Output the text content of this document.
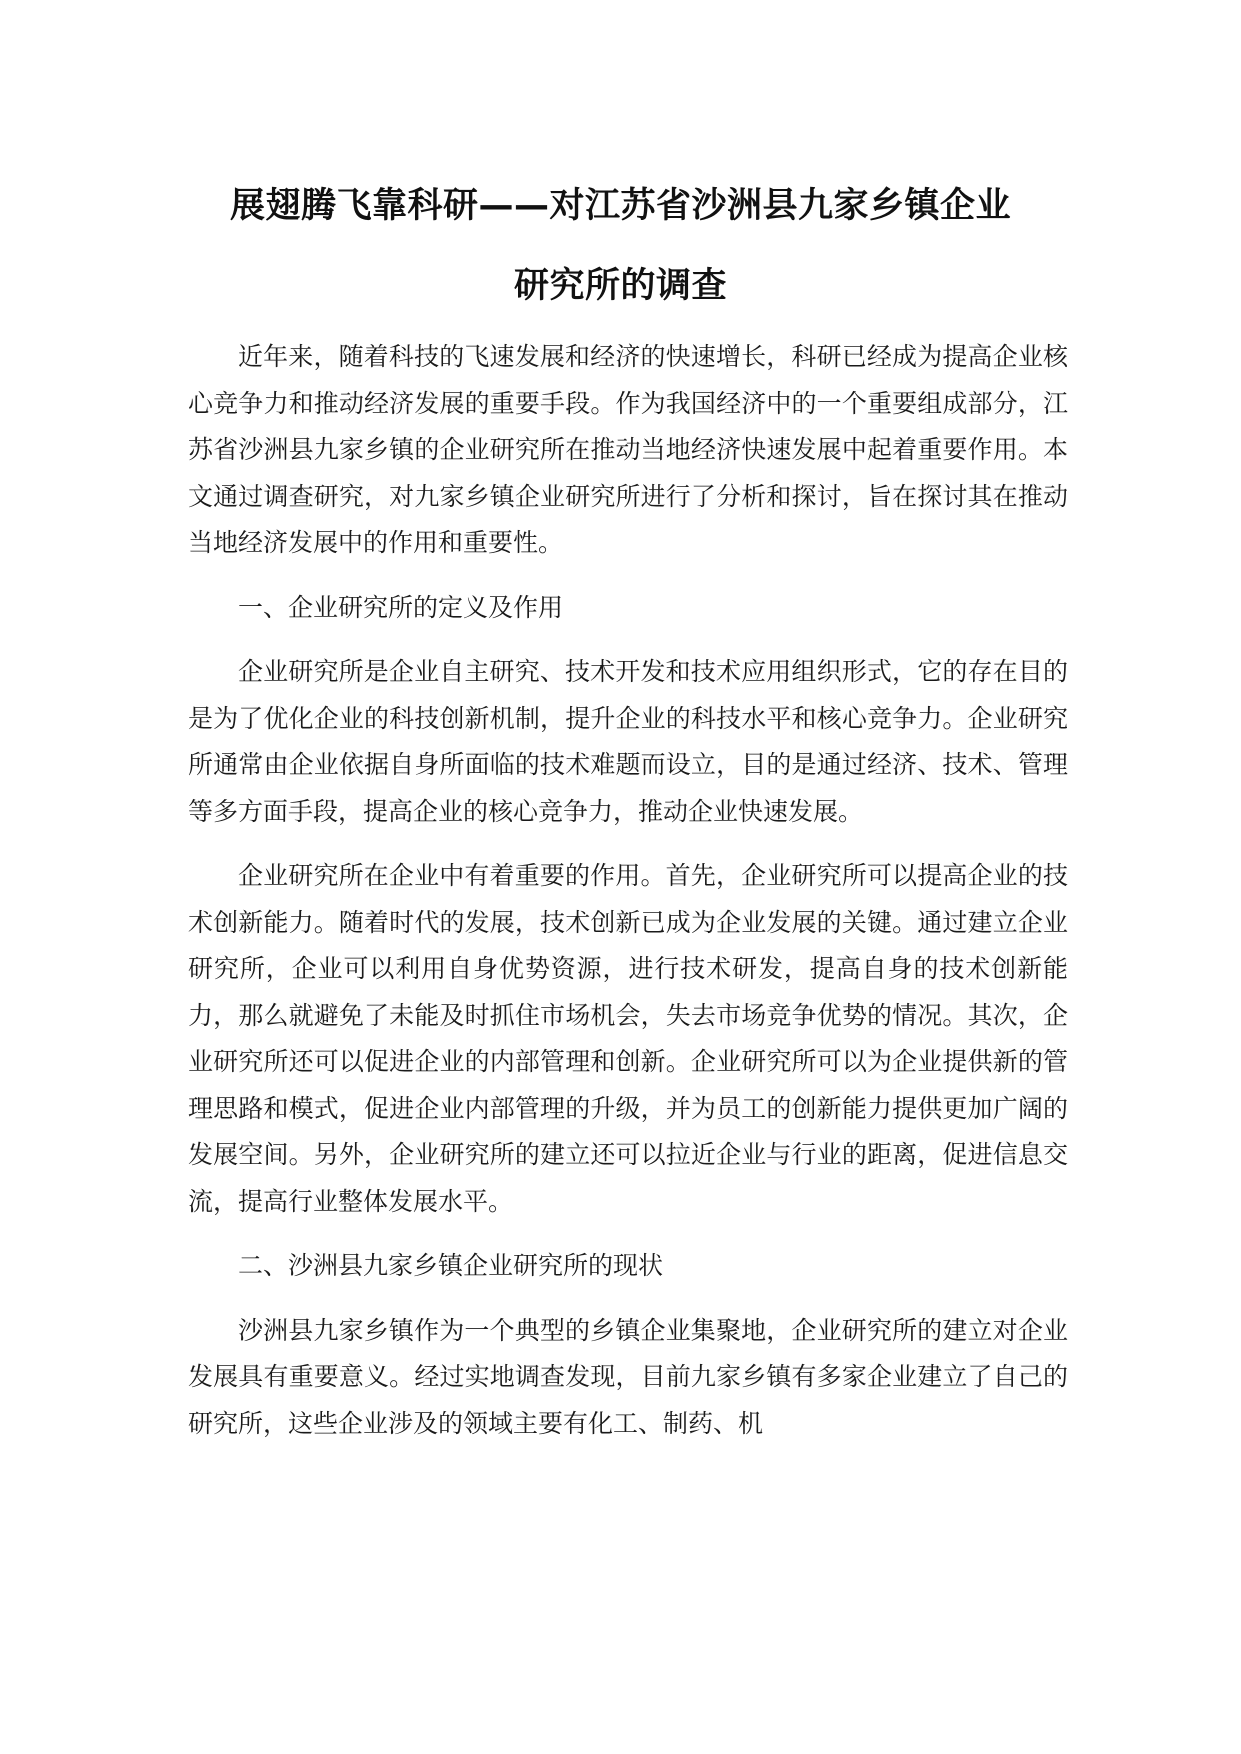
展翅腾飞靠科研——对江苏省沙洲县九家乡镇企业
研究所的调查

近年来，随着科技的飞速发展和经济的快速增长，科研已经成为提高企业核心竞争力和推动经济发展的重要手段。作为我国经济中的一个重要组成部分，江苏省沙洲县九家乡镇的企业研究所在推动当地经济快速发展中起着重要作用。本文通过调查研究，对九家乡镇企业研究所进行了分析和探讨，旨在探讨其在推动当地经济发展中的作用和重要性。

一、企业研究所的定义及作用

企业研究所是企业自主研究、技术开发和技术应用组织形式，它的存在目的是为了优化企业的科技创新机制，提升企业的科技水平和核心竞争力。企业研究所通常由企业依据自身所面临的技术难题而设立，目的是通过经济、技术、管理等多方面手段，提高企业的核心竞争力，推动企业快速发展。

企业研究所在企业中有着重要的作用。首先，企业研究所可以提高企业的技术创新能力。随着时代的发展，技术创新已成为企业发展的关键。通过建立企业研究所，企业可以利用自身优势资源，进行技术研发，提高自身的技术创新能力，那么就避免了未能及时抓住市场机会，失去市场竞争优势的情况。其次，企业研究所还可以促进企业的内部管理和创新。企业研究所可以为企业提供新的管理思路和模式，促进企业内部管理的升级，并为员工的创新能力提供更加广阔的发展空间。另外，企业研究所的建立还可以拉近企业与行业的距离，促进信息交流，提高行业整体发展水平。

二、沙洲县九家乡镇企业研究所的现状

沙洲县九家乡镇作为一个典型的乡镇企业集聚地，企业研究所的建立对企业发展具有重要意义。经过实地调查发现，目前九家乡镇有多家企业建立了自己的研究所，这些企业涉及的领域主要有化工、制药、机
